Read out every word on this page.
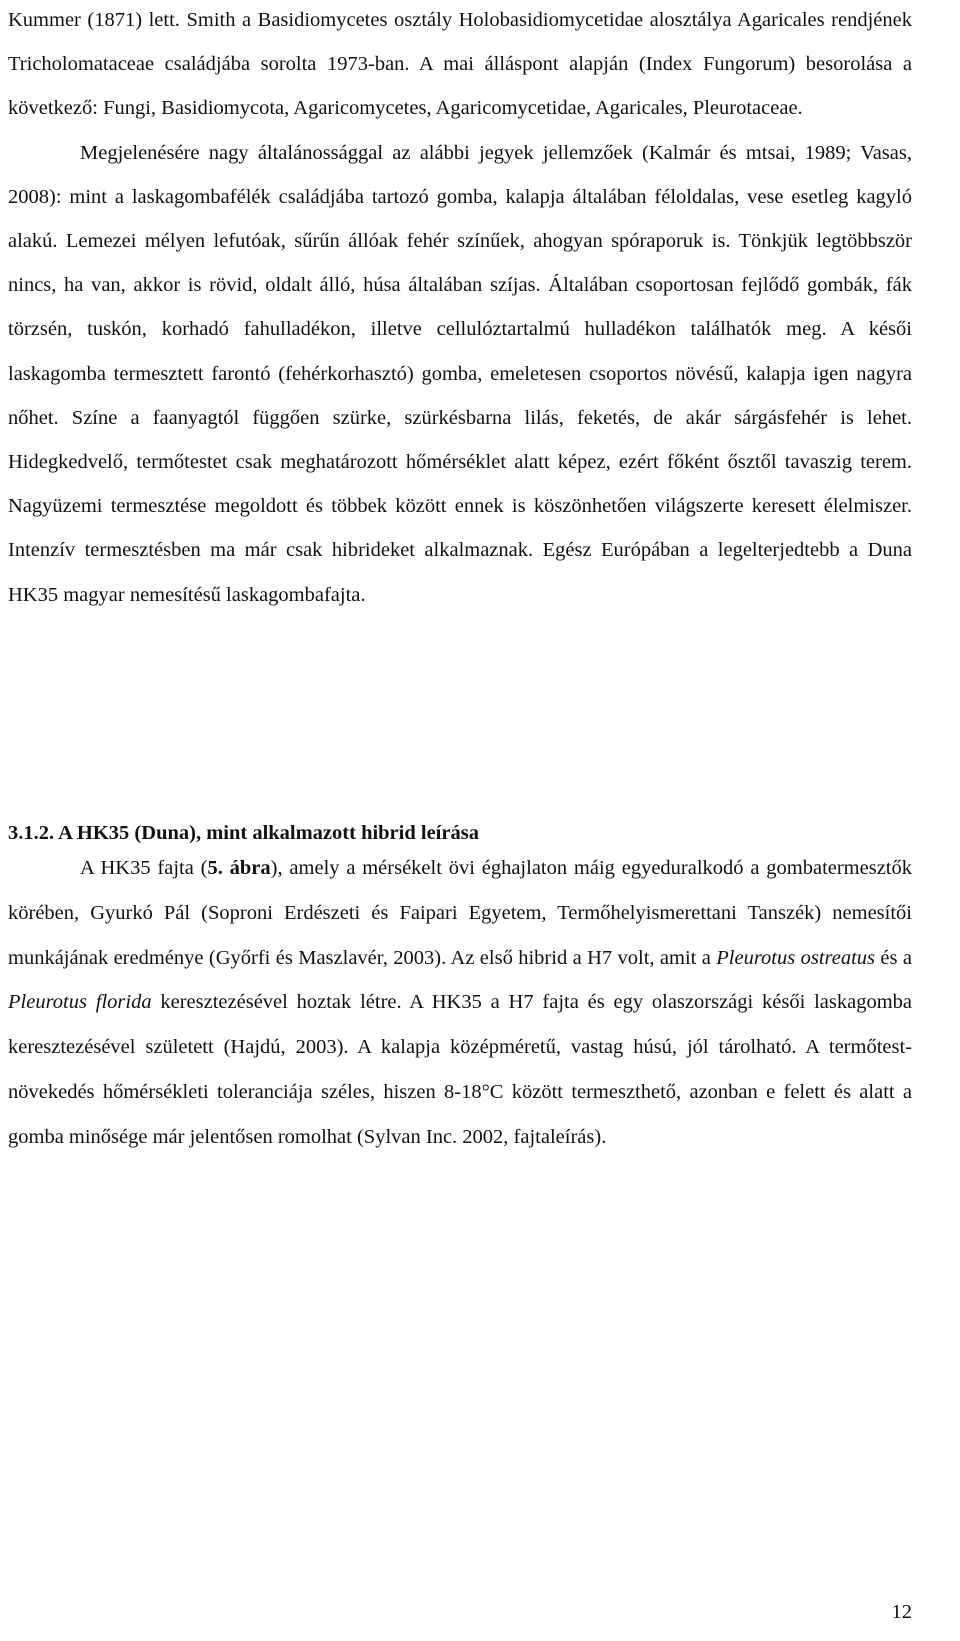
Kummer (1871) lett. Smith a Basidiomycetes osztály Holobasidiomycetidae alosztálya Agaricales rendjének Tricholomataceae családjába sorolta 1973-ban. A mai álláspont alapján (Index Fungorum) besorolása a következő: Fungi, Basidiomycota, Agaricomycetes, Agaricomycetidae, Agaricales, Pleurotaceae.
Megjelenésére nagy általánossággal az alábbi jegyek jellemzőek (Kalmár és mtsai, 1989; Vasas, 2008): mint a laskagombafélék családjába tartozó gomba, kalapja általában féloldalas, vese esetleg kagyló alakú. Lemezei mélyen lefutóak, sűrűn állóak fehér színűek, ahogyan spóraporuk is. Tönkjük legtöbbször nincs, ha van, akkor is rövid, oldalt álló, húsa általában szíjas. Általában csoportosan fejlődő gombák, fák törzsén, tuskón, korhadó fahulladékon, illetve cellulóztartalmú hulladékon találhatók meg. A késői laskagomba termesztett farontó (fehérkorhasztó) gomba, emeletesen csoportos növésű, kalapja igen nagyra nőhet. Színe a faanyagtól függően szürke, szürkésbarna lilás, feketés, de akár sárgásfehér is lehet. Hidegkedvelő, termőtestet csak meghatározott hőmérséklet alatt képez, ezért főként ősztől tavaszig terem. Nagyüzemi termesztése megoldott és többek között ennek is köszönhetően világszerte keresett élelmiszer. Intenzív termesztésben ma már csak hibrideket alkalmaznak. Egész Európában a legelterjedtebb a Duna HK35 magyar nemesítésű laskagombafajta.

3.1.2. A HK35 (Duna), mint alkalmazott hibrid leírása

A HK35 fajta (5. ábra), amely a mérsékelt övi éghajlaton máig egyeduralkodó a gombatermesztők körében, Gyurkó Pál (Soproni Erdészeti és Faipari Egyetem, Termőhelyismerettani Tanszék) nemesítői munkájának eredménye (Győrfi és Maszlavér, 2003). Az első hibrid a H7 volt, amit a Pleurotus ostreatus és a Pleurotus florida keresztezésével hoztak létre. A HK35 a H7 fajta és egy olaszországi késői laskagomba keresztezésével született (Hajdú, 2003). A kalapja középméretű, vastag húsú, jól tárolható. A termőtest-növekedés hőmérsékleti toleranciája széles, hiszen 8-18°C között termeszthető, azonban e felett és alatt a gomba minősége már jelentősen romolhat (Sylvan Inc. 2002, fajtaleírás).

12
